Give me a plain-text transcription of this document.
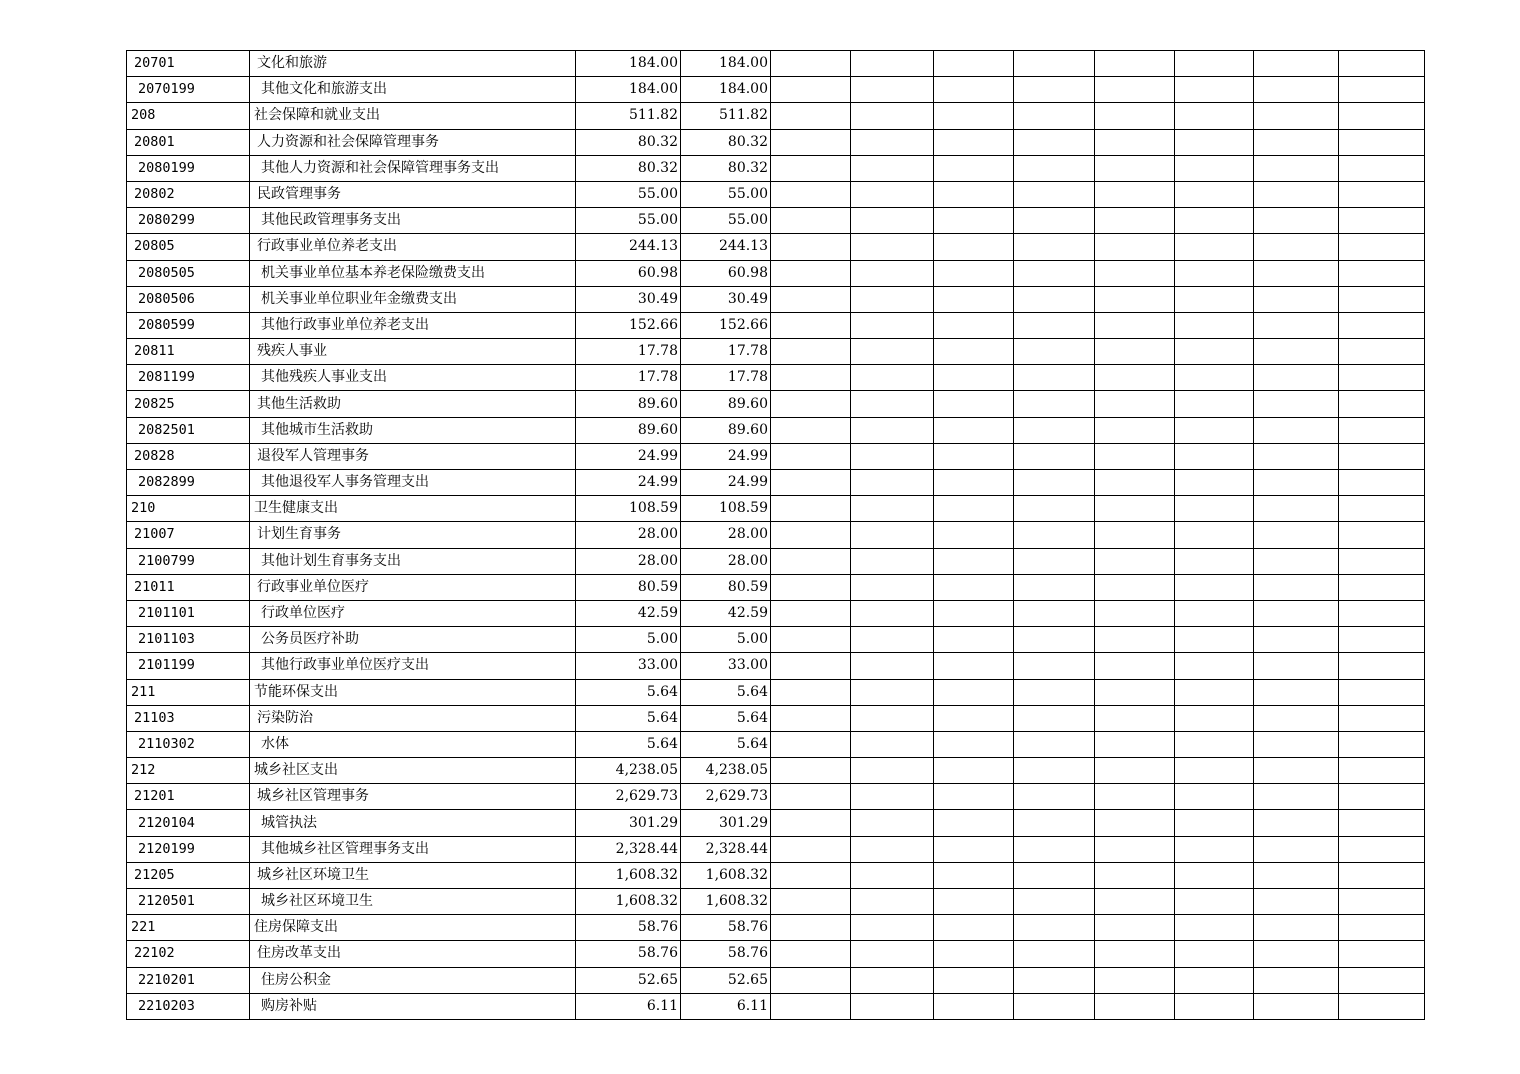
20701	文化和旅游	184.00	184.00								
2070199	其他文化和旅游支出	184.00	184.00								
208	社会保障和就业支出	511.82	511.82								
20801	人力资源和社会保障管理事务	80.32	80.32								
2080199	其他人力资源和社会保障管理事务支出	80.32	80.32								
20802	民政管理事务	55.00	55.00								
2080299	其他民政管理事务支出	55.00	55.00								
20805	行政事业单位养老支出	244.13	244.13								
2080505	机关事业单位基本养老保险缴费支出	60.98	60.98								
2080506	机关事业单位职业年金缴费支出	30.49	30.49								
2080599	其他行政事业单位养老支出	152.66	152.66								
20811	残疾人事业	17.78	17.78								
2081199	其他残疾人事业支出	17.78	17.78								
20825	其他生活救助	89.60	89.60								
2082501	其他城市生活救助	89.60	89.60								
20828	退役军人管理事务	24.99	24.99								
2082899	其他退役军人事务管理支出	24.99	24.99								
210	卫生健康支出	108.59	108.59								
21007	计划生育事务	28.00	28.00								
2100799	其他计划生育事务支出	28.00	28.00								
21011	行政事业单位医疗	80.59	80.59								
2101101	行政单位医疗	42.59	42.59								
2101103	公务员医疗补助	5.00	5.00								
2101199	其他行政事业单位医疗支出	33.00	33.00								
211	节能环保支出	5.64	5.64								
21103	污染防治	5.64	5.64								
2110302	水体	5.64	5.64								
212	城乡社区支出	4,238.05	4,238.05								
21201	城乡社区管理事务	2,629.73	2,629.73								
2120104	城管执法	301.29	301.29								
2120199	其他城乡社区管理事务支出	2,328.44	2,328.44								
21205	城乡社区环境卫生	1,608.32	1,608.32								
2120501	城乡社区环境卫生	1,608.32	1,608.32								
221	住房保障支出	58.76	58.76								
22102	住房改革支出	58.76	58.76								
2210201	住房公积金	52.65	52.65								
2210203	购房补贴	6.11	6.11								
